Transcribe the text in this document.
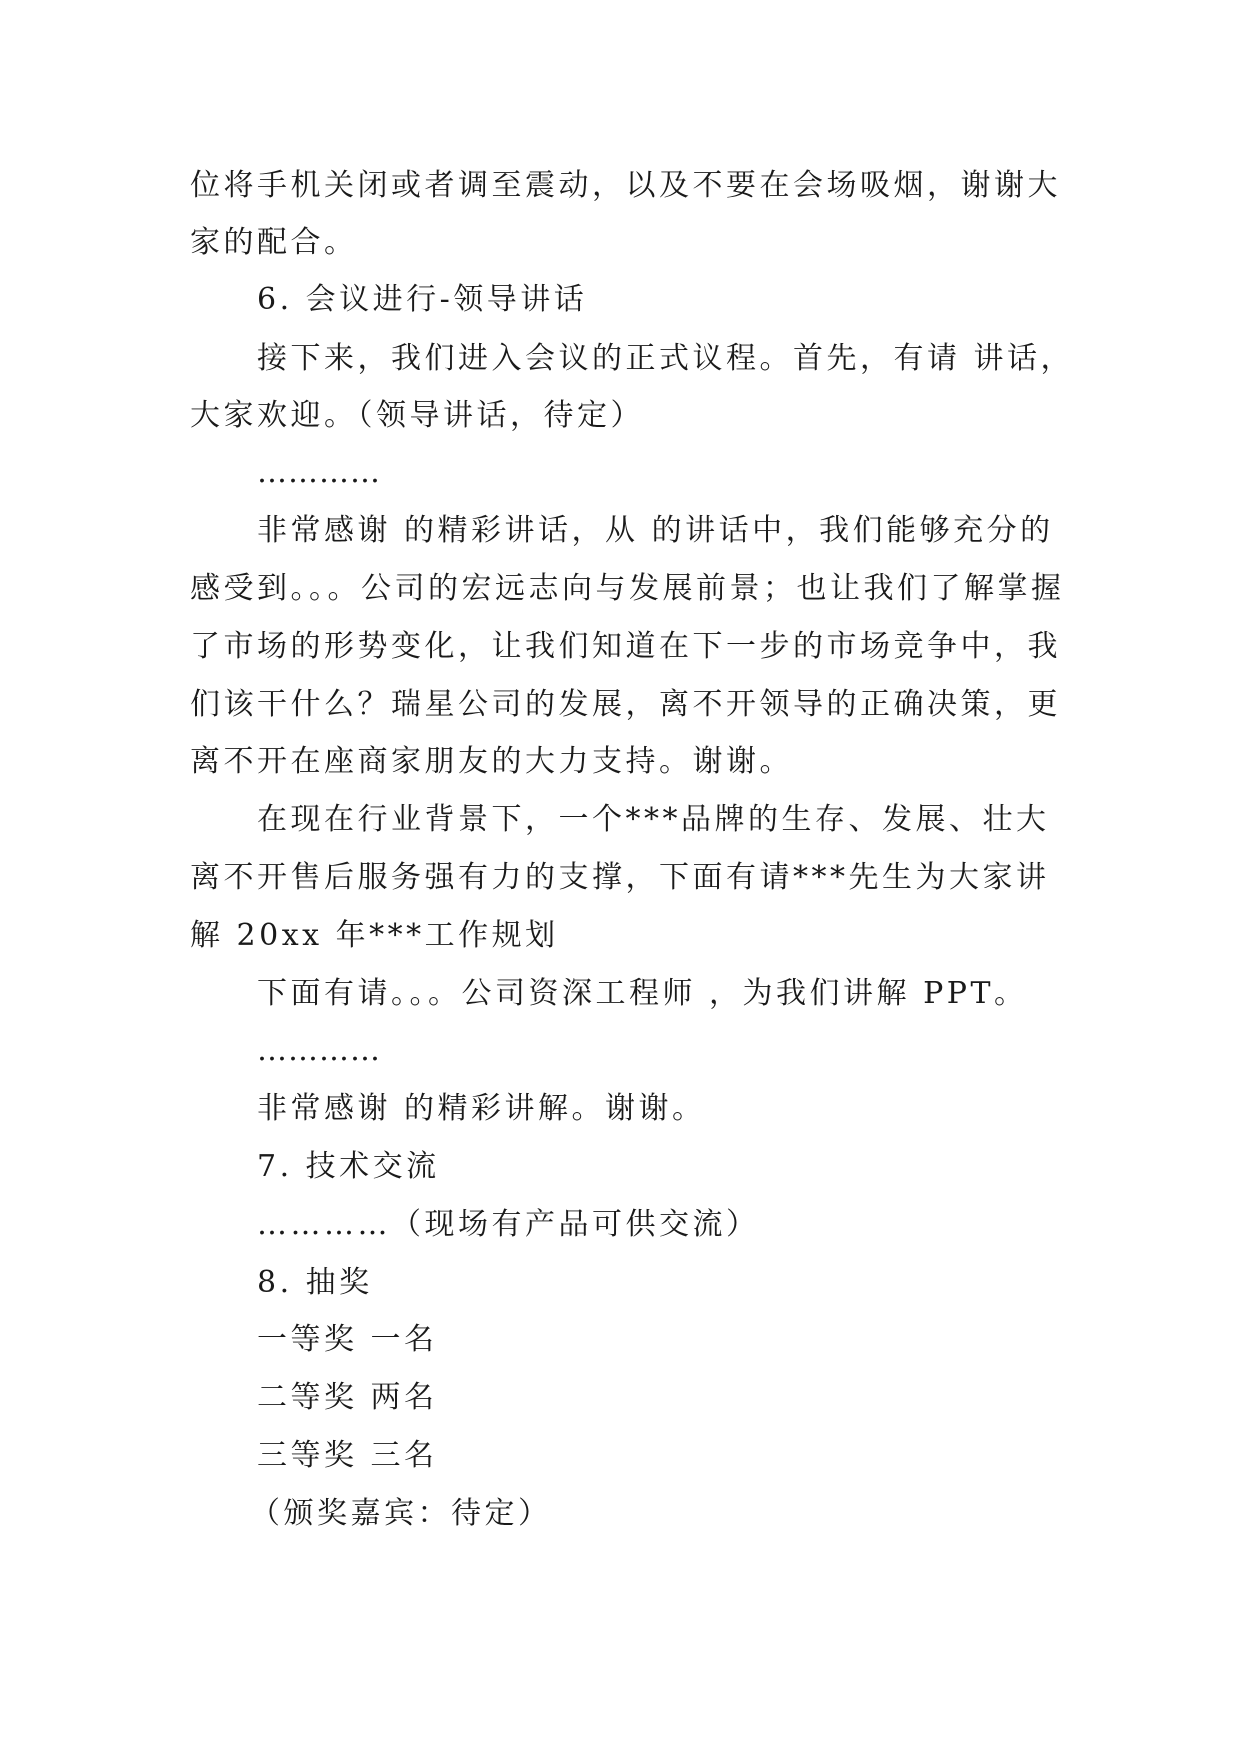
位将手机关闭或者调至震动，以及不要在会场吸烟，谢谢大
家的配合。
6. 会议进行-领导讲话
接下来，我们进入会议的正式议程。首先，有请 讲话，
大家欢迎。（领导讲话，待定）
…………
非常感谢 的精彩讲话，从 的讲话中，我们能够充分的
感受到。。。公司的宏远志向与发展前景；也让我们了解掌握
了市场的形势变化，让我们知道在下一步的市场竞争中，我
们该干什么？瑞星公司的发展，离不开领导的正确决策，更
离不开在座商家朋友的大力支持。谢谢。
在现在行业背景下，一个***品牌的生存、发展、壮大
离不开售后服务强有力的支撑，下面有请***先生为大家讲
解 20xx 年***工作规划
下面有请。。。公司资深工程师 ，为我们讲解 PPT。
…………
非常感谢 的精彩讲解。谢谢。
7. 技术交流
…………（现场有产品可供交流）
8. 抽奖
一等奖 一名
二等奖 两名
三等奖 三名
（颁奖嘉宾：待定）
